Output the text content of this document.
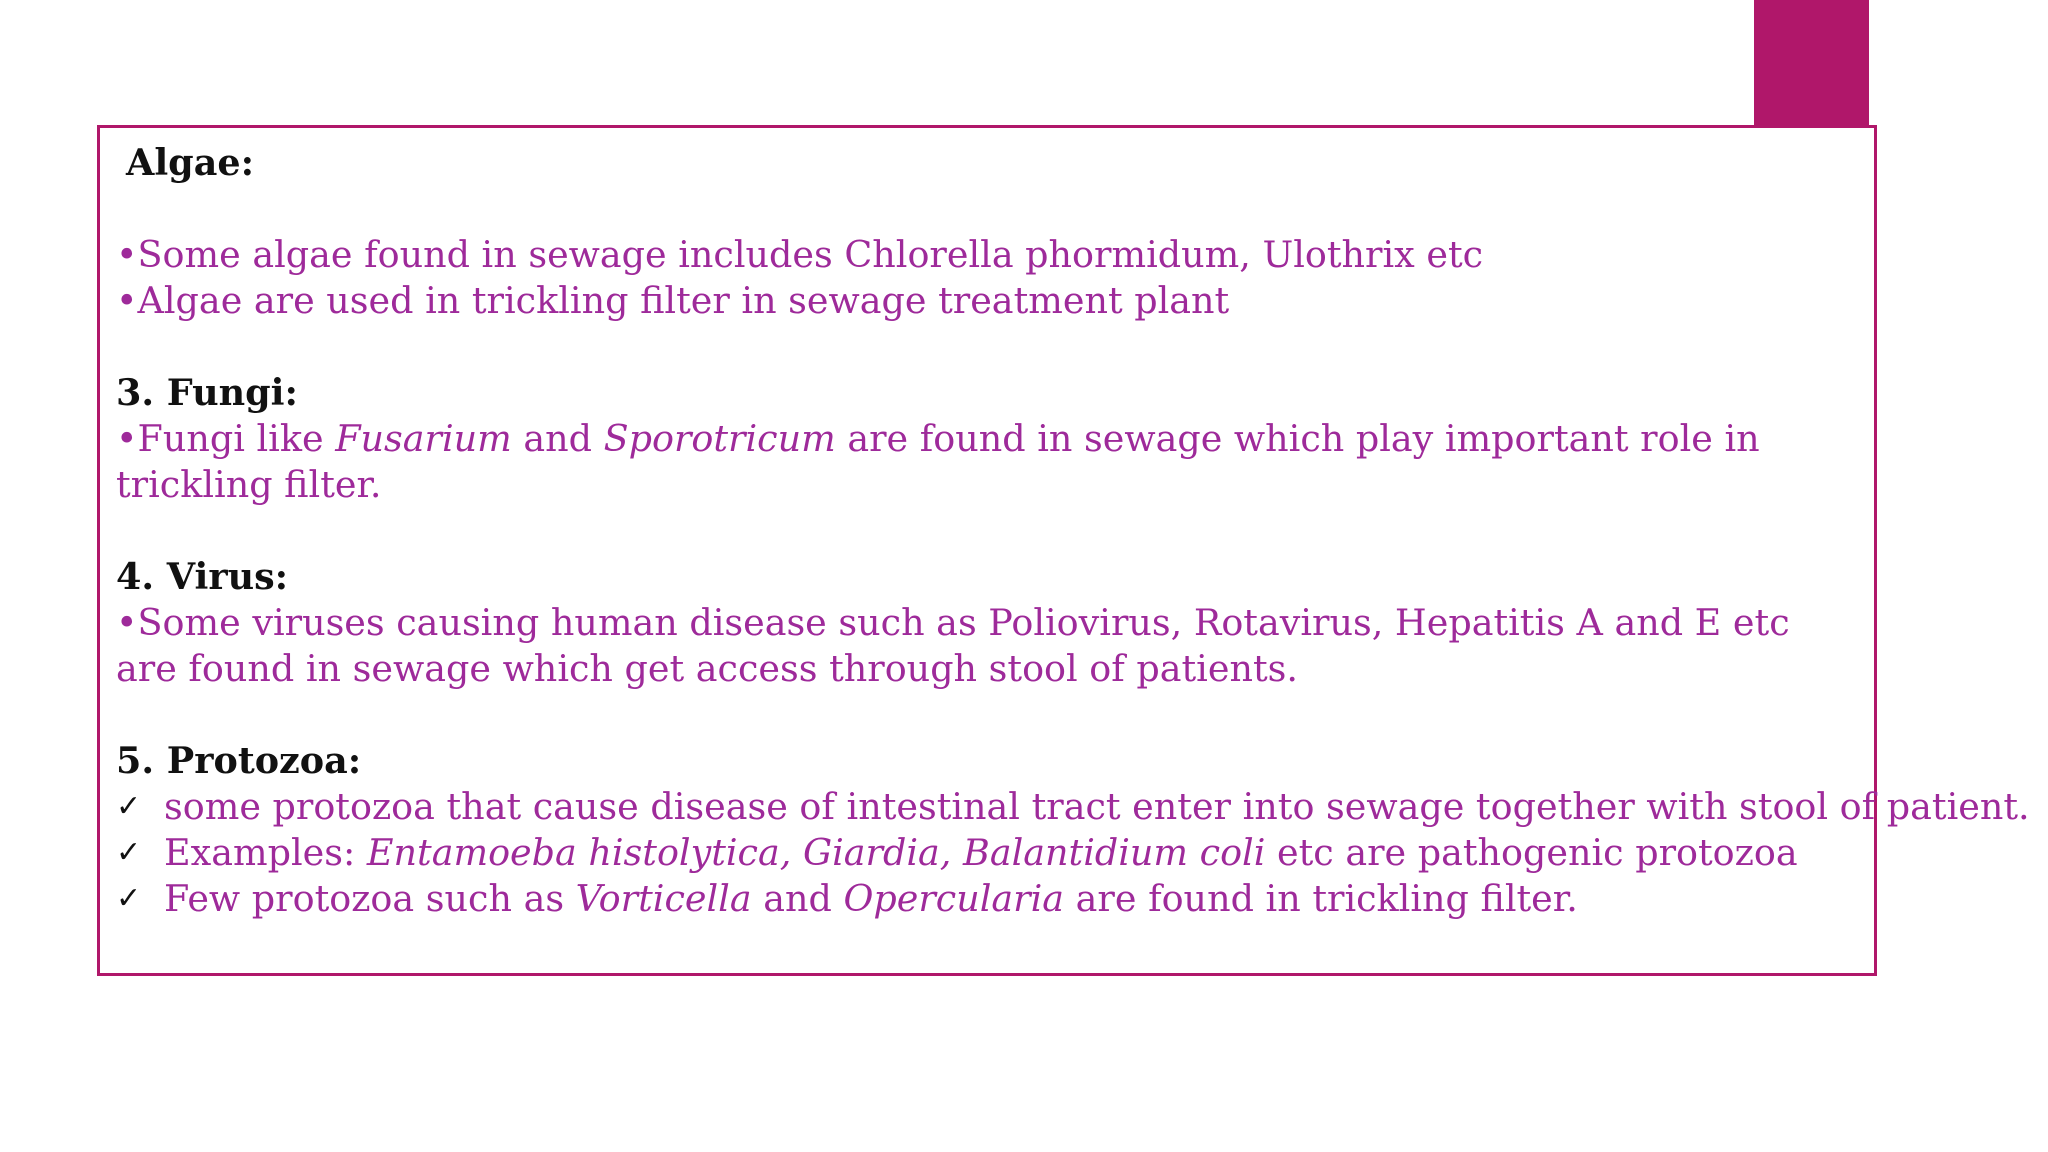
Algae:
•Some algae found in sewage includes Chlorella phormidum, Ulothrix etc
•Algae are used in trickling filter in sewage treatment plant
3. Fungi:
•Fungi like Fusarium and Sporotricum are found in sewage which play important role in trickling filter.
4. Virus:
•Some viruses causing human disease such as Poliovirus, Rotavirus, Hepatitis A and E etc are found in sewage which get access through stool of patients.
5. Protozoa:
✓ some protozoa that cause disease of intestinal tract enter into sewage together with stool of patient.
✓ Examples: Entamoeba histolytica, Giardia, Balantidium coli etc are pathogenic protozoa
✓ Few protozoa such as Vorticella and Opercularia are found in trickling filter.
